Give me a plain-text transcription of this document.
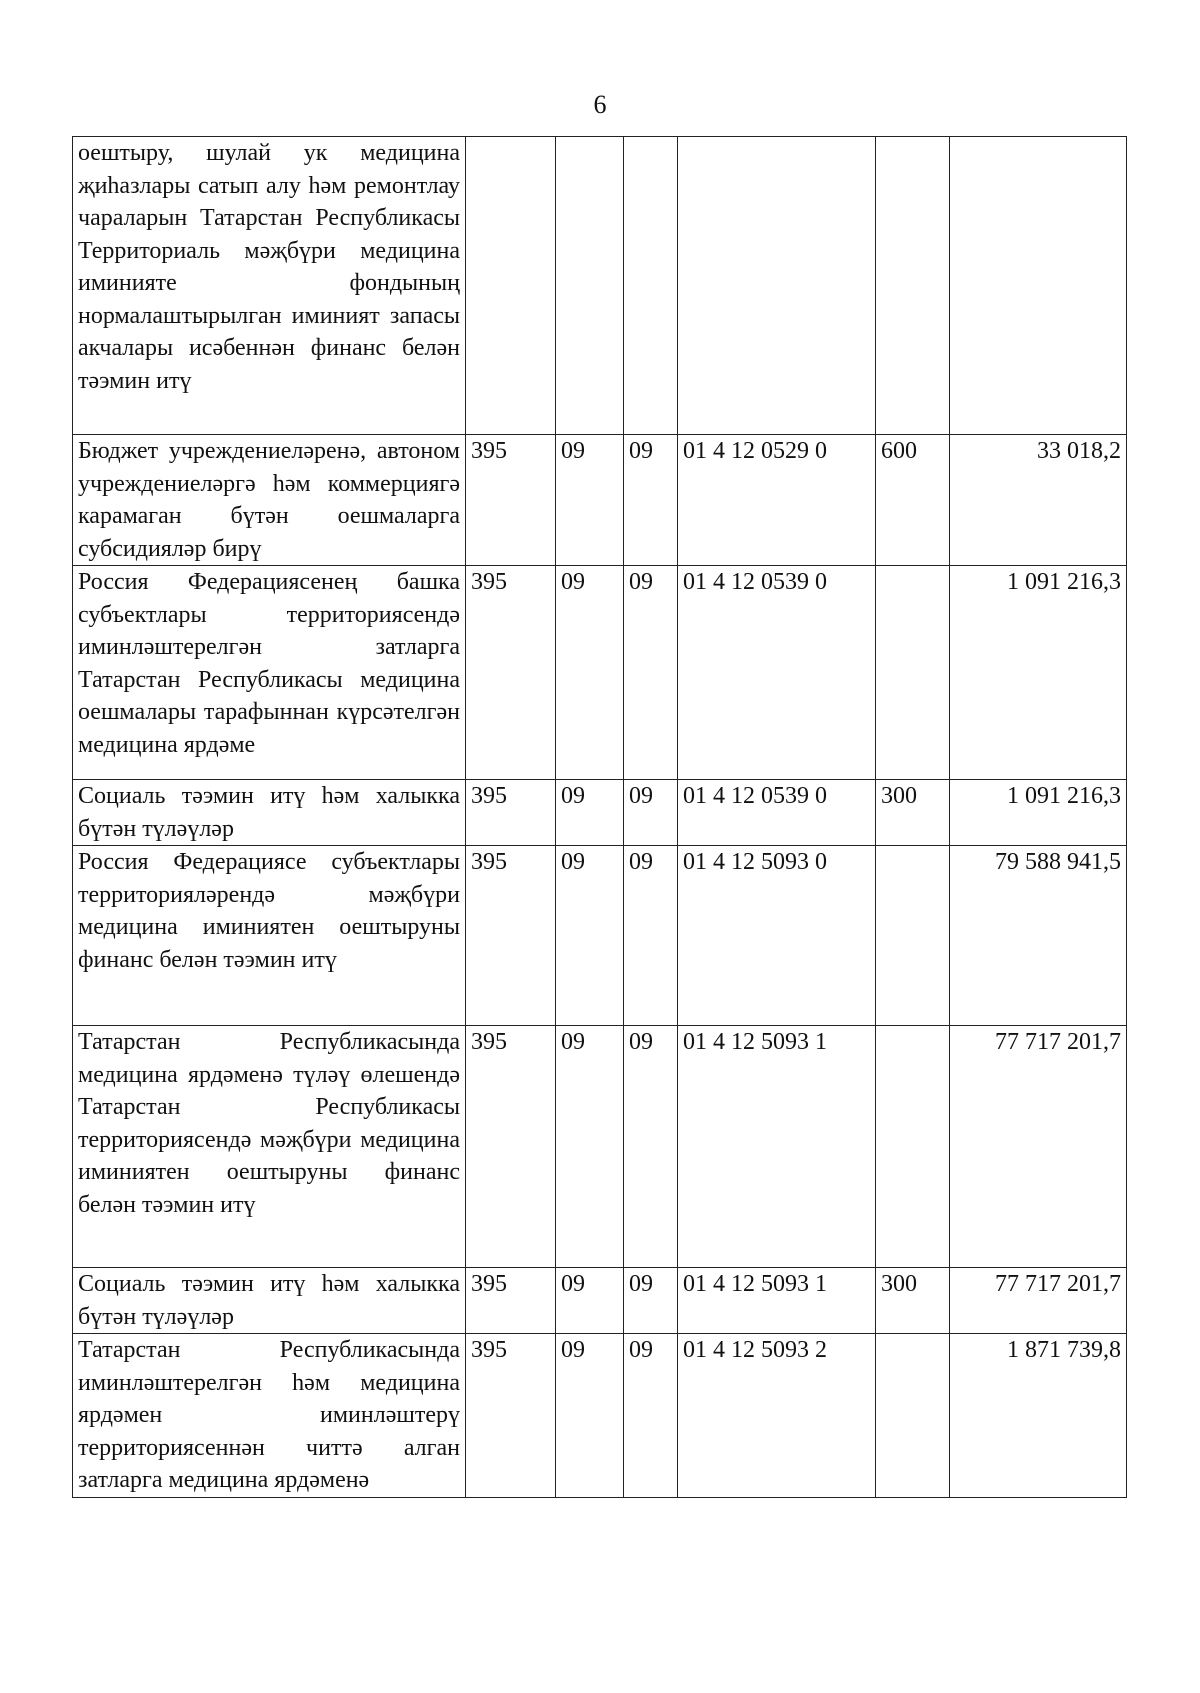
6
оештыру, шулай ук медицина җиһазлары сатып алу һәм ремонтлау чараларын Татарстан Республикасы Территориаль мәҗбүри медицина иминияте фондының нормалаштырылган иминият запасы акчалары исәбеннән финанс белән тәэмин итү						
Бюджет учреждениеләренә, автоном учреждениеләргә һәм коммерциягә карамаган бүтән оешмаларга субсидияләр бирү	395	09	09	01 4 12 0529 0	600	33 018,2
Россия Федерациясенең башка субъектлары территориясендә иминләштерелгән затларга Татарстан Республикасы медицина оешмалары тарафыннан күрсәтелгән медицина ярдәме	395	09	09	01 4 12 0539 0		1 091 216,3
Социаль тәэмин итү һәм халыкка бүтән түләүләр	395	09	09	01 4 12 0539 0	300	1 091 216,3
Россия Федерациясе субъектлары территорияләрендә мәҗбүри медицина иминиятен оештыруны финанс белән тәэмин итү	395	09	09	01 4 12 5093 0		79 588 941,5
Татарстан Республикасында медицина ярдәменә түләү өлешендә Татарстан Республикасы территориясендә мәҗбүри медицина иминиятен оештыруны финанс белән тәэмин итү	395	09	09	01 4 12 5093 1		77 717 201,7
Социаль тәэмин итү һәм халыкка бүтән түләүләр	395	09	09	01 4 12 5093 1	300	77 717 201,7
Татарстан Республикасында иминләштерелгән һәм медицина ярдәмен иминләштерү территориясеннән читтә алган затларга медицина ярдәменә	395	09	09	01 4 12 5093 2		1 871 739,8
